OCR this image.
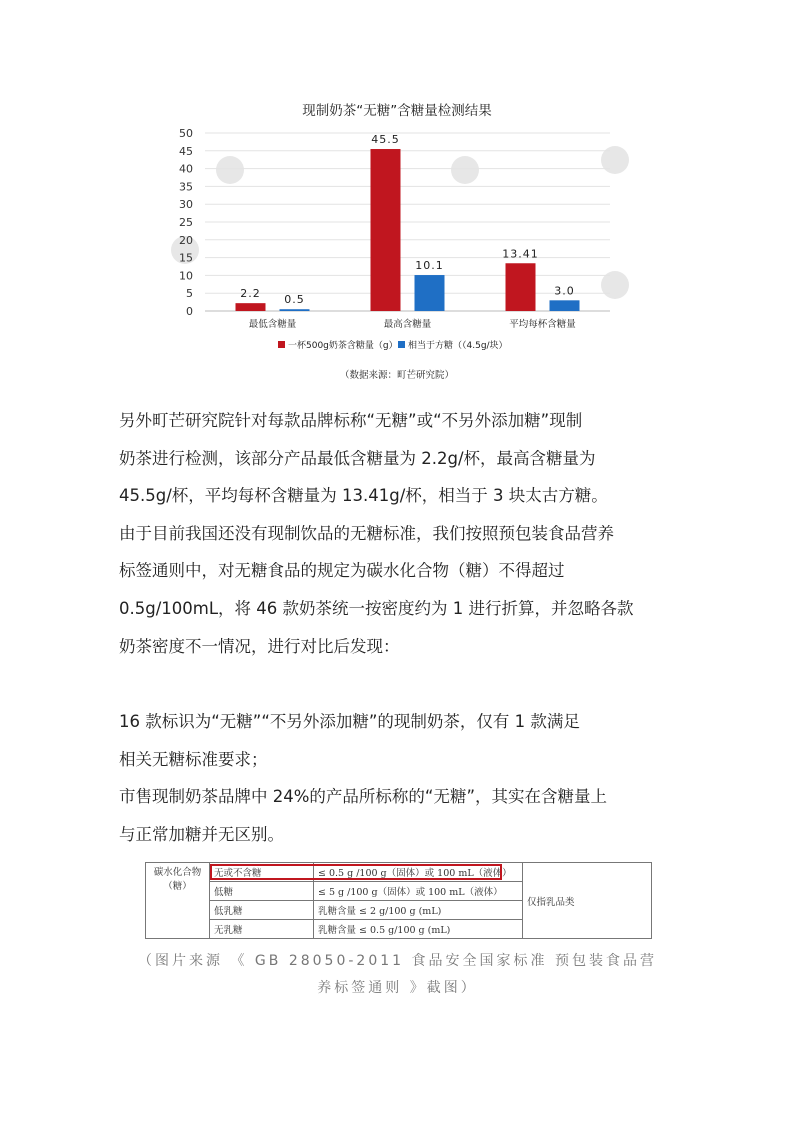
现制奶茶“无糖”含糖量检测结果
0
5
10
15
20
25
30
35
40
45
50
2.2 0.5
45.5
10.1
13.41
3.0
最低含糖量	最高含糖量	平均每杯含糖量
一杯500g奶茶含糖量（g） 相当于方糖（（4.5g/块）
（数据来源：町芒研究院）
另外町芒研究院针对每款品牌标称“无糖”或“不另外添加糖”现制
奶茶进行检测，该部分产品最低含糖量为 2.2g/杯，最高含糖量为
45.5g/杯，平均每杯含糖量为 13.41g/杯，相当于 3 块太古方糖。
由于目前我国还没有现制饮品的无糖标准，我们按照预包装食品营养
标签通则中，对无糖食品的规定为碳水化合物（糖）不得超过
0.5g/100mL，将 46 款奶茶统一按密度约为 1 进行折算，并忽略各款
奶茶密度不一情况，进行对比后发现：
16 款标识为“无糖”“不另外添加糖”的现制奶茶，仅有 1 款满足
相关无糖标准要求；
市售现制奶茶品牌中 24%的产品所标称的“无糖”，其实在含糖量上
与正常加糖并无区别。
碳水化合物
（糖）	无或不含糖	≤ 0.5 g /100 g（固体）或 100 mL（液体）	仅指乳品类
	低糖	≤ 5 g /100 g（固体）或 100 mL（液体）	
	低乳糖	乳糖含量 ≤ 2 g/100 g (mL)	
	无乳糖	乳糖含量 ≤ 0.5 g/100 g (mL)	

（图片来源 《 GB 28050-2011 食品安全国家标准 预包装食品营

养标签通则 》截图）
